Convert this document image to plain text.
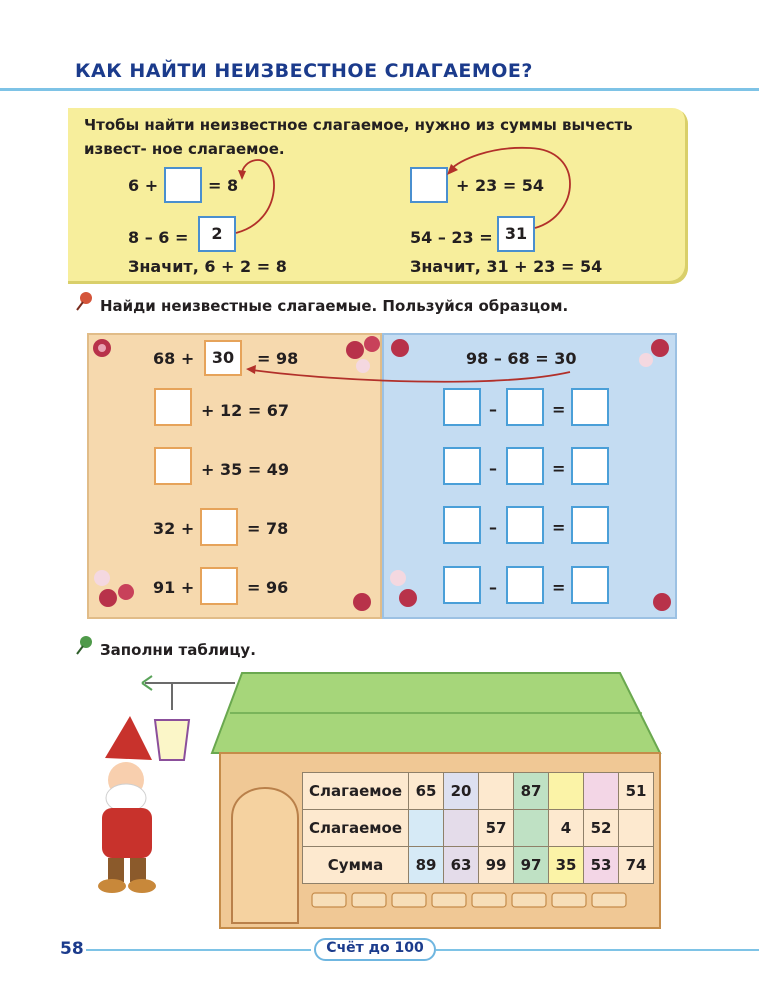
КАК НАЙТИ НЕИЗВЕСТНОЕ СЛАГАЕМОЕ?
Чтобы найти неизвестное слагаемое, нужно из суммы вычесть извест- ное слагаемое.
6 +	= 8
8 – 6 =	2
Значит, 6 + 2 = 8
+ 23 = 54
54 – 23 = 31
Значит, 31 + 23 = 54
Найди неизвестные слагаемые. Пользуйся образцом.
68 +	30	= 98
+ 12 = 67
+ 35 = 49
32 +	= 78
91 +	= 96
98 – 68 = 30
–	=
–	=
–	=
–	=
Заполни таблицу.
Слагаемое	65	20		87			51
Слагаемое			57		4	52	
Сумма	89	63	99	97	35	53	74
58	Счёт до 100
